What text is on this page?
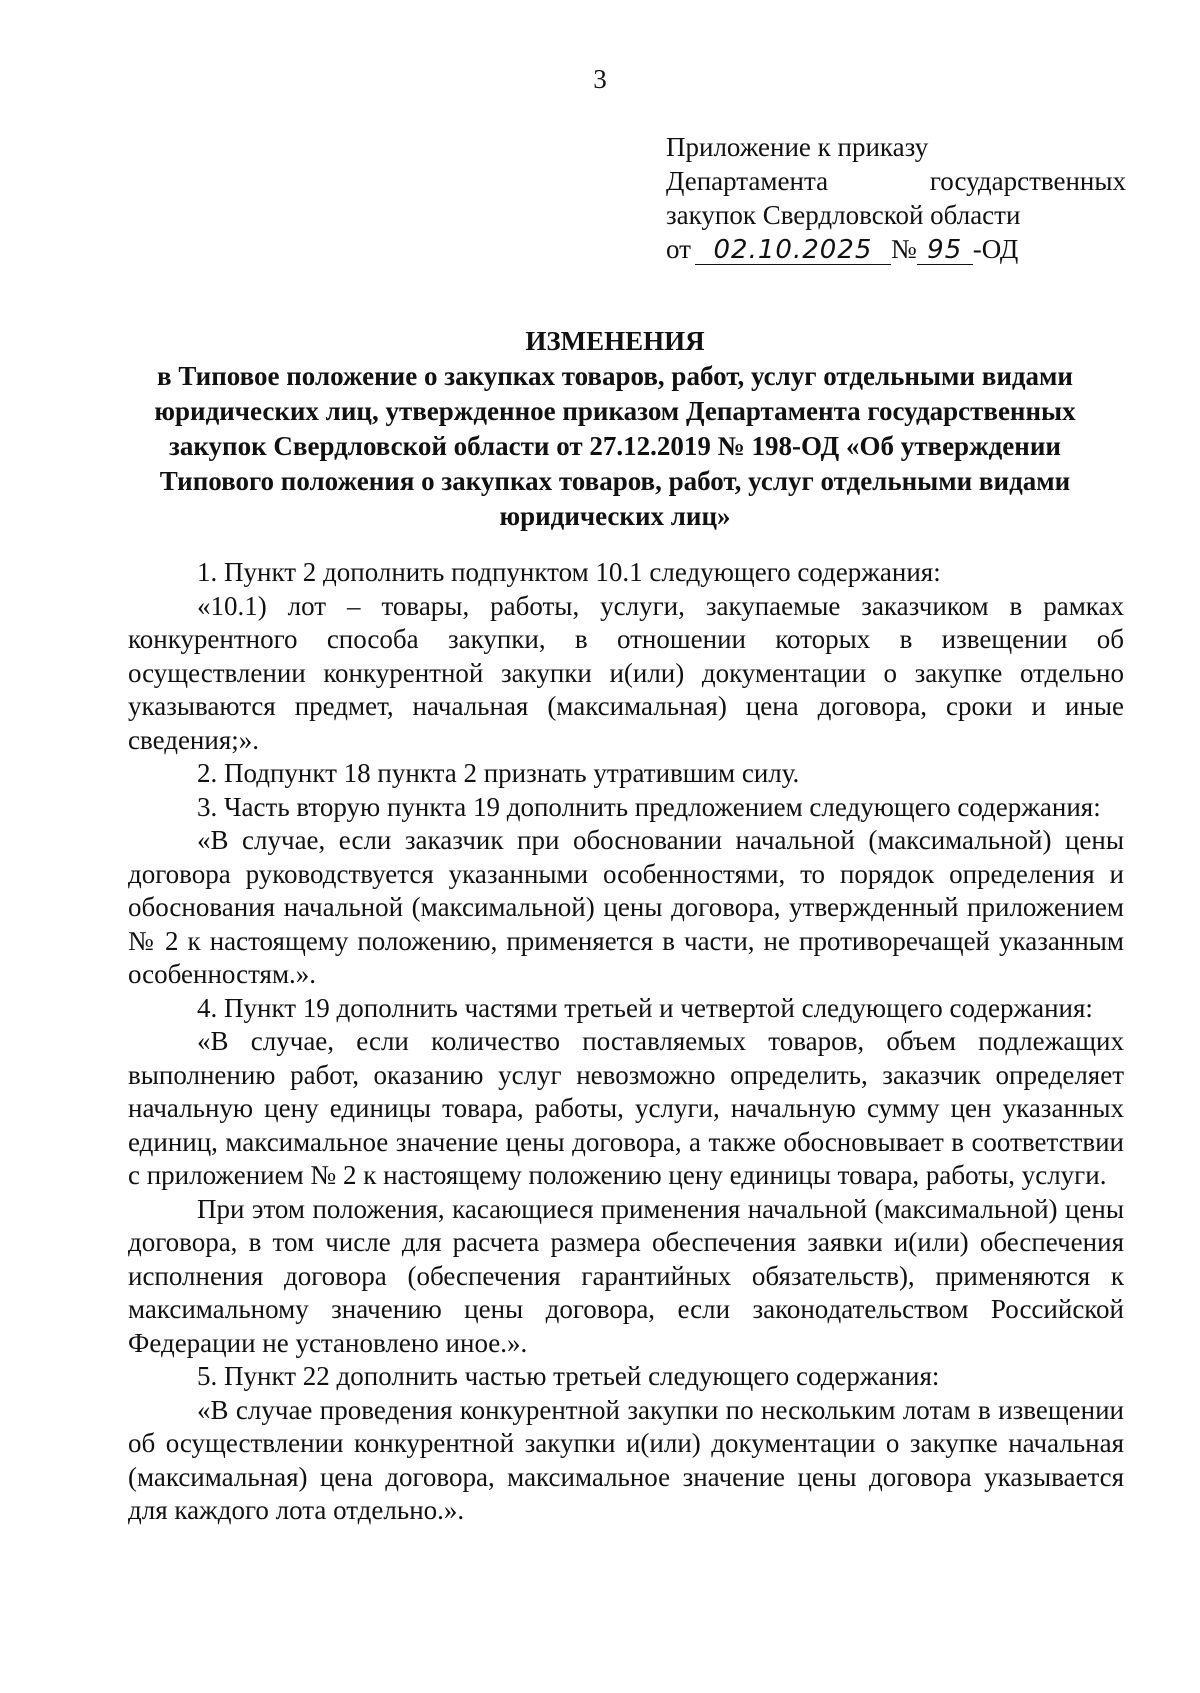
3
Приложение к приказу
Департамента	государственных
закупок Свердловской области
от 02.10.2025 № 95 -ОД
ИЗМЕНЕНИЯ
в Типовое положение о закупках товаров, работ, услуг отдельными видами юридических лиц, утвержденное приказом Департамента государственных закупок Свердловской области от 27.12.2019 № 198-ОД «Об утверждении Типового положения о закупках товаров, работ, услуг отдельными видами юридических лиц»

1. Пункт 2 дополнить подпунктом 10.1 следующего содержания:

«10.1) лот – товары, работы, услуги, закупаемые заказчиком в рамках конкурентного способа закупки, в отношении которых в извещении об осуществлении конкурентной закупки и(или) документации о закупке отдельно указываются предмет, начальная (максимальная) цена договора, сроки и иные сведения;».

2. Подпункт 18 пункта 2 признать утратившим силу.

3. Часть вторую пункта 19 дополнить предложением следующего содержания:

«В случае, если заказчик при обосновании начальной (максимальной) цены договора руководствуется указанными особенностями, то порядок определения и обоснования начальной (максимальной) цены договора, утвержденный приложением № 2 к настоящему положению, применяется в части, не противоречащей указанным особенностям.».

4. Пункт 19 дополнить частями третьей и четвертой следующего содержания:

«В случае, если количество поставляемых товаров, объем подлежащих выполнению работ, оказанию услуг невозможно определить, заказчик определяет начальную цену единицы товара, работы, услуги, начальную сумму цен указанных единиц, максимальное значение цены договора, а также обосновывает в соответствии с приложением № 2 к настоящему положению цену единицы товара, работы, услуги.

При этом положения, касающиеся применения начальной (максимальной) цены договора, в том числе для расчета размера обеспечения заявки и(или) обеспечения исполнения договора (обеспечения гарантийных обязательств), применяются к максимальному значению цены договора, если законодательством Российской Федерации не установлено иное.».

5. Пункт 22 дополнить частью третьей следующего содержания:

«В случае проведения конкурентной закупки по нескольким лотам в извещении об осуществлении конкурентной закупки и(или) документации о закупке начальная (максимальная) цена договора, максимальное значение цены договора указывается для каждого лота отдельно.».
